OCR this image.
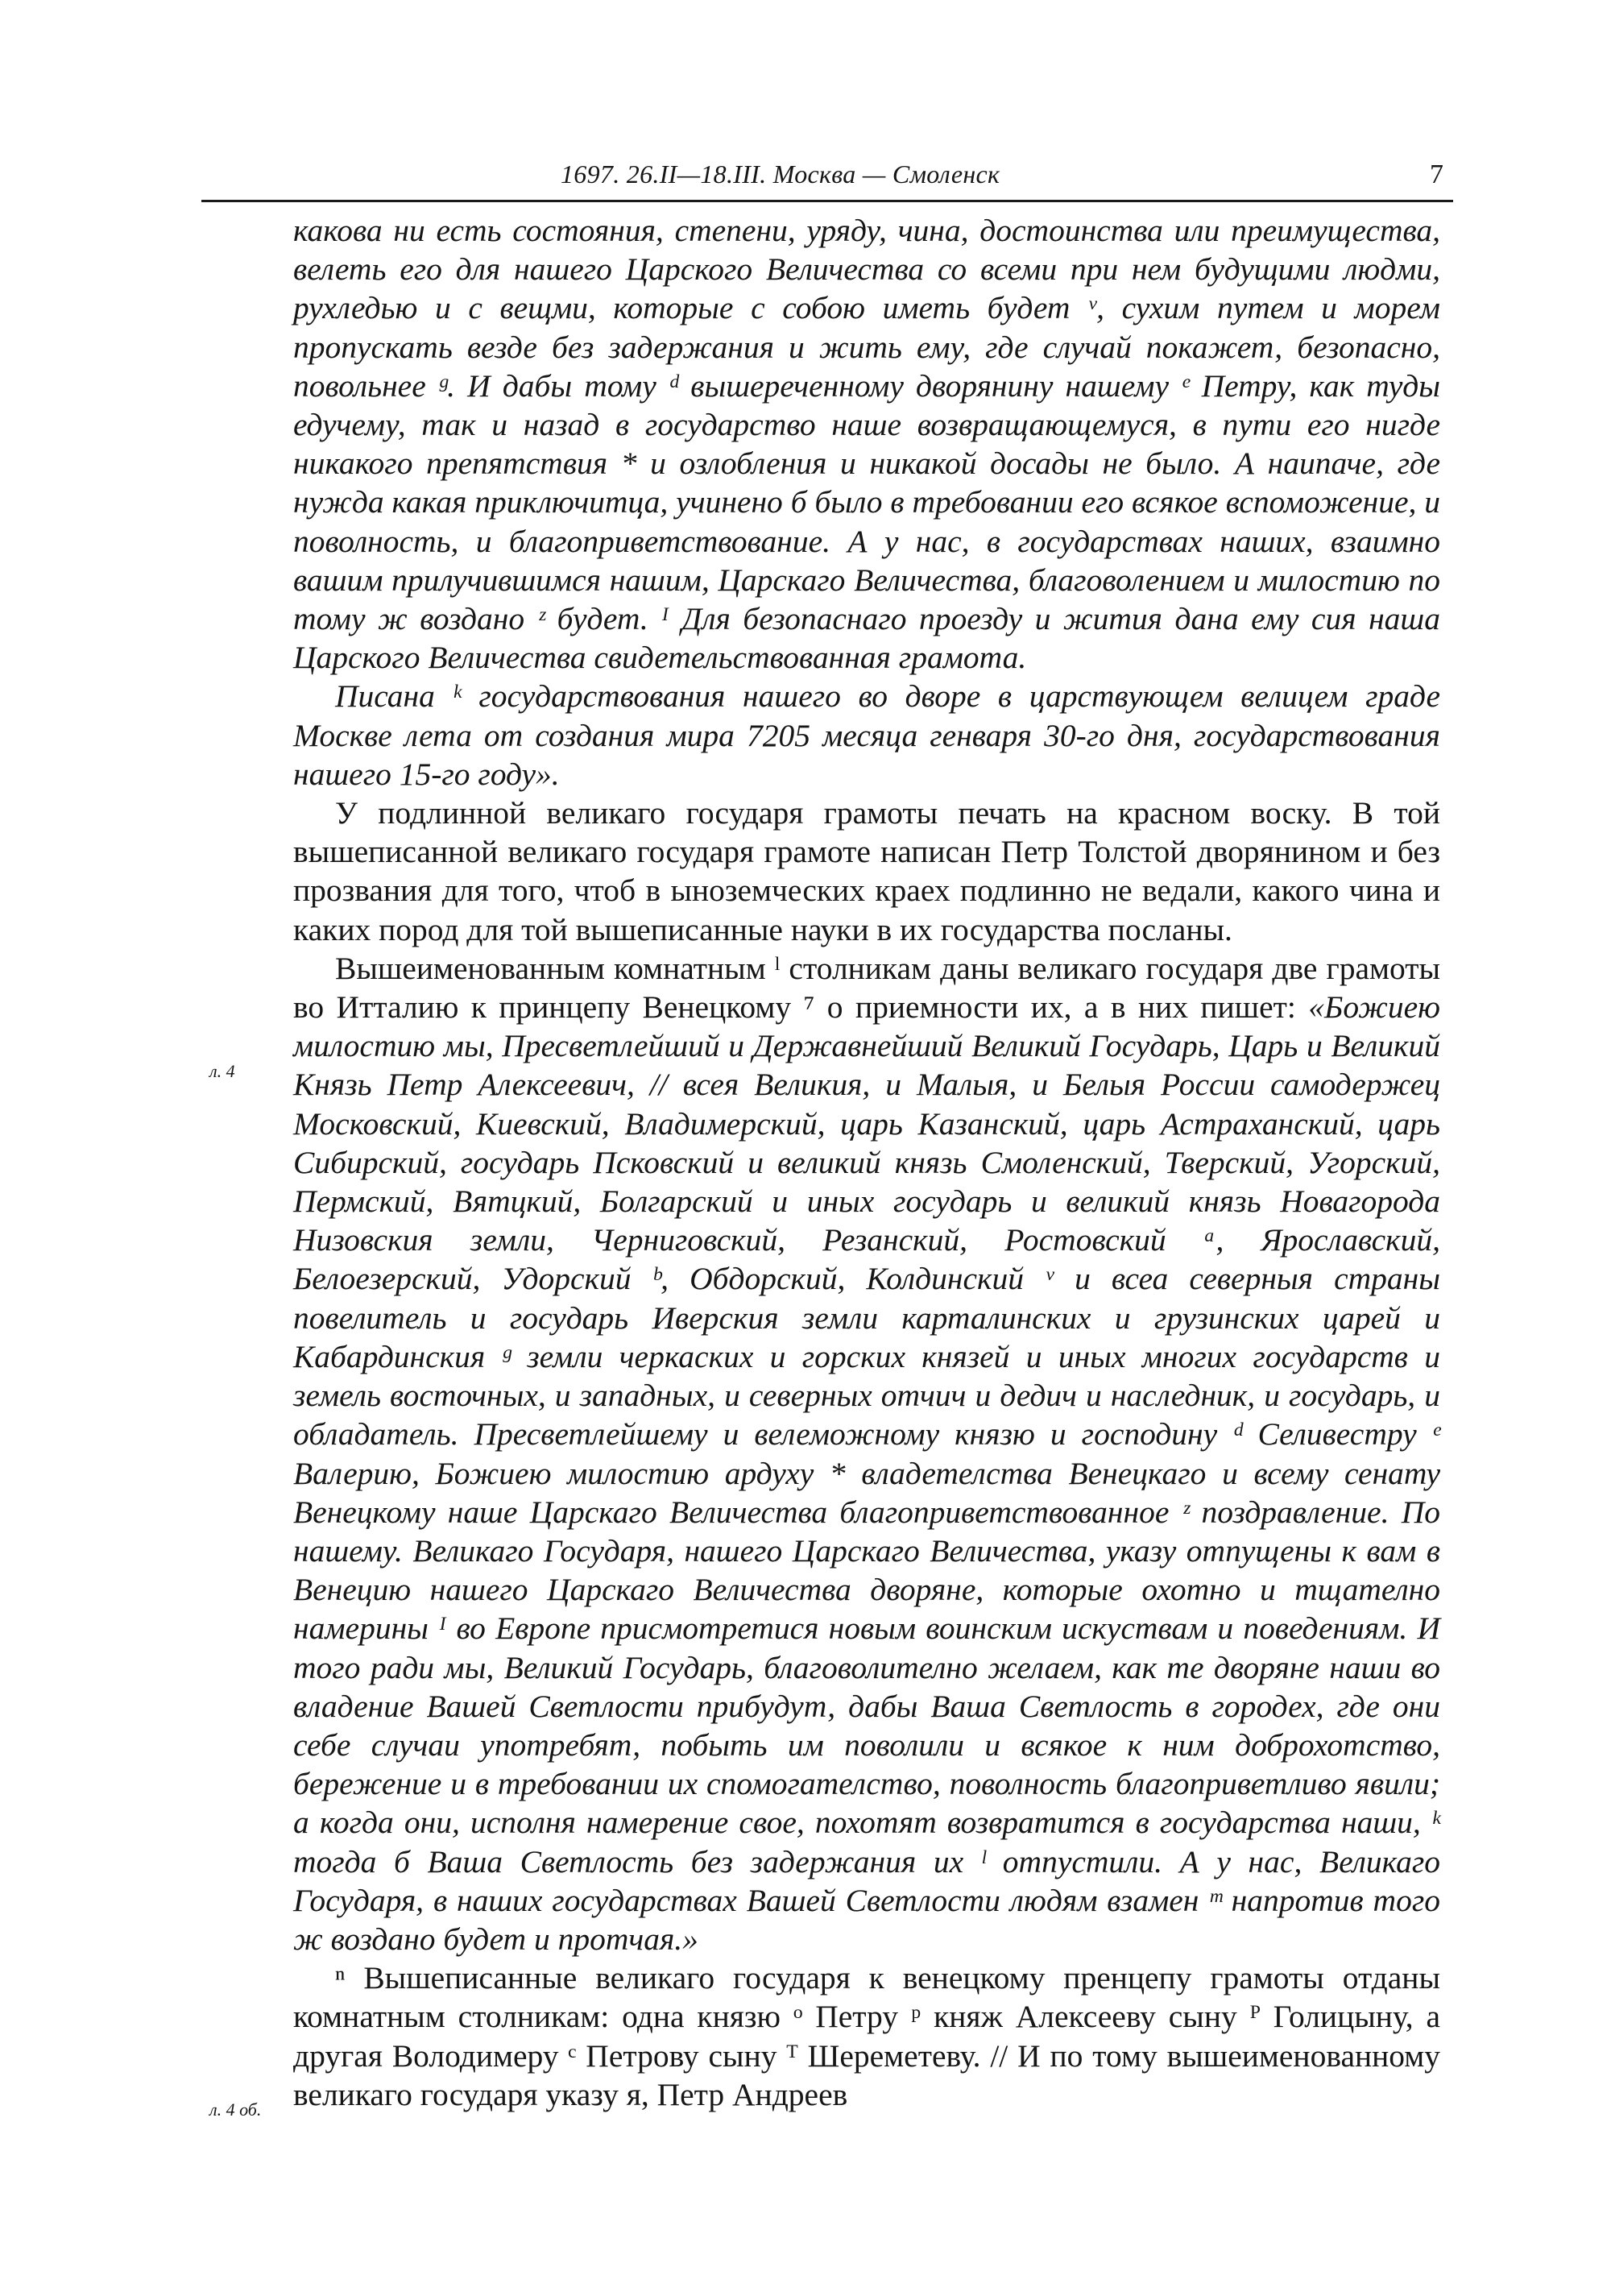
1697. 26.II—18.III. Москва — Смоленск	7

какова ни есть состояния, степени, уряду, чина, достоинства или преимущества, велеть его для нашего Царского Величества со всеми при нем будущими людми, рухледью и с вещми, которые с собою иметь будет ᵛ, сухим путем и морем пропускать везде без задержания и жить ему, где случай покажет, безопасно, повольнее ᵍ. И дабы тому ᵈ вышереченному дворянину нашему ᵉ Петру, как туды едучему, так и назад в государство наше возвращающемуся, в пути его нигде никакого препятствия * и озлобления и никакой досады не было. А наипаче, где нужда какая приключитца, учинено б было в требовании его всякое вспоможение, и поволность, и благоприветствование. А у нас, в государствах наших, взаимно вашим прилучившимся нашим, Царскаго Величества, благоволением и милостию по тому ж воздано ᶻ будет. ᴵ Для безопаснаго проезду и жития дана ему сия наша Царского Величества свидетельствованная грамота.

Писана ᵏ государствования нашего во дворе в царствующем велицем граде Москве лета от создания мира 7205 месяца генваря 30-го дня, государствования нашего 15-го году».

У подлинной великаго государя грамоты печать на красном воску. В той вышеписанной великаго государя грамоте написан Петр Толстой дворянином и без прозвания для того, чтоб в ыноземческих краех подлинно не ведали, какого чина и каких пород для той вышеписанные науки в их государства посланы.

Вышеименованным комнатным ˡ столникам даны великаго государя две грамоты во Итталию к принцепу Венецкому ⁷ о приемности их, а в них пишет: «Божиею милостию мы, Пресветлейший и Державнейший Великий Государь, Царь и Великий Князь Петр Алексеевич, // всея Великия, и Малыя, и Белыя России самодержец Московский, Киевский, Владимерский, царь Казанский, царь Астраханский, царь Сибирский, государь Псковский и великий князь Смоленский, Тверский, Угорский, Пермский, Вятцкий, Болгарский и иных государь и великий князь Новагорода Низовския земли, Черниговский, Резанский, Ростовский ᵃ, Ярославский, Белоезерский, Удорский ᵇ, Обдорский, Колдинский ᵛ и всеа северныя страны повелитель и государь Иверския земли карталинских и грузинских царей и Кабардинския ᵍ земли черкаских и горских князей и иных многих государств и земель восточных, и западных, и северных отчич и дедич и наследник, и государь, и обладатель. Пресветлейшему и велеможному князю и господину ᵈ Селивестру ᵉ Валерию, Божиею милостию ардуху * владетелства Венецкаго и всему сенату Венецкому наше Царскаго Величества благоприветствованное ᶻ поздравление. По нашему. Великаго Государя, нашего Царскаго Величества, указу отпущены к вам в Венецию нашего Царскаго Величества дворяне, которые охотно и тщателно намерины ᴵ во Европе присмотретися новым воинским искуствам и поведениям. И того ради мы, Великий Государь, благоволително желаем, как те дворяне наши во владение Вашей Светлости прибудут, дабы Ваша Светлость в городех, где они себе случаи употребят, побыть им поволили и всякое к ним доброхотство, бережение и в требовании их спомогателство, поволность благоприветливо явили; а когда они, исполня намерение свое, похотят возвратится в государства наши, ᵏ тогда б Ваша Светлость без задержания их ˡ отпустили. А у нас, Великаго Государя, в наших государствах Вашей Светлости людям взамен ᵐ напротив того ж воздано будет и протчая.»

ⁿ Вышеписанные великаго государя к венецкому пренцепу грамоты отданы комнатным столникам: одна князю ᵒ Петру ᵖ княж Алексееву сыну ᴾ Голицыну, а другая Володимеру ᶜ Петрову сыну ᵀ Шереметеву. // И по тому вышеименованному великаго государя указу я, Петр Андреев

л. 4
л. 4 об.
